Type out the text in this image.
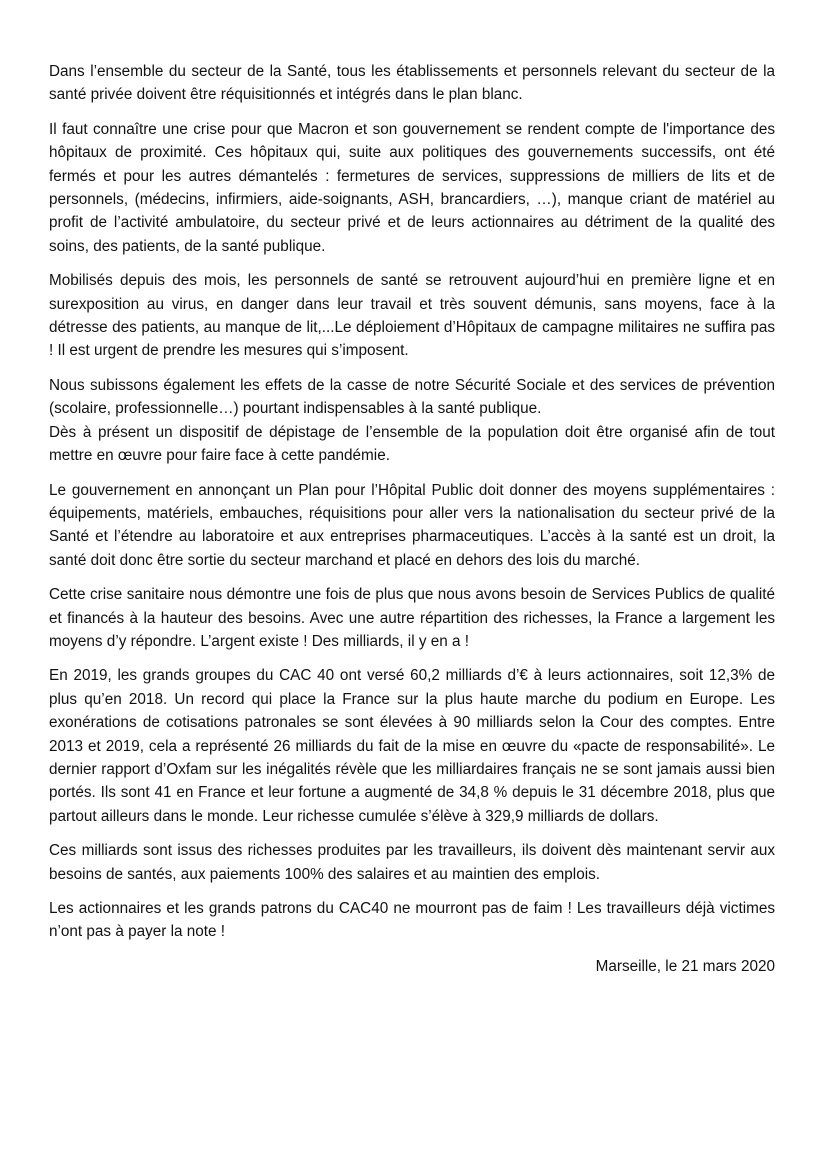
Dans l’ensemble du secteur de la Santé, tous les établissements et personnels relevant du secteur de la santé privée doivent être réquisitionnés et intégrés dans le plan blanc.

Il faut connaître une crise pour que Macron et son gouvernement se rendent compte de l'importance des hôpitaux de proximité. Ces hôpitaux qui, suite aux politiques des gouvernements successifs, ont été fermés et pour les autres démantelés : fermetures de services, suppressions de milliers de lits et de personnels, (médecins, infirmiers, aide-soignants, ASH, brancardiers, …), manque criant de matériel au profit de l’activité ambulatoire, du secteur privé et de leurs actionnaires au détriment de la qualité des soins, des patients, de la santé publique.

Mobilisés depuis des mois, les personnels de santé se retrouvent aujourd’hui en première ligne et en surexposition au virus, en danger dans leur travail et très souvent démunis, sans moyens, face à la détresse des patients, au manque de lit,...Le déploiement d’Hôpitaux de campagne militaires ne suffira pas ! Il est urgent de prendre les mesures qui s’imposent.

Nous subissons également les effets de la casse de notre Sécurité Sociale et des services de prévention (scolaire, professionnelle…) pourtant indispensables à la santé publique.
Dès à présent un dispositif de dépistage de l’ensemble de la population doit être organisé afin de tout mettre en œuvre pour faire face à cette pandémie.

Le gouvernement en annonçant un Plan pour l’Hôpital Public doit donner des moyens supplémentaires : équipements, matériels, embauches, réquisitions pour aller vers la nationalisation du secteur privé de la Santé et l’étendre au laboratoire et aux entreprises pharmaceutiques. L’accès à la santé est un droit, la santé doit donc être sortie du secteur marchand et placé en dehors des lois du marché.

Cette crise sanitaire nous démontre une fois de plus que nous avons besoin de Services Publics de qualité et financés à la hauteur des besoins. Avec une autre répartition des richesses, la France a largement les moyens d’y répondre. L’argent existe ! Des milliards, il y en a !

En 2019, les grands groupes du CAC 40 ont versé 60,2 milliards d’€ à leurs actionnaires, soit 12,3% de plus qu’en 2018. Un record qui place la France sur la plus haute marche du podium en Europe. Les exonérations de cotisations patronales se sont élevées à 90 milliards selon la Cour des comptes. Entre 2013 et 2019, cela a représenté 26 milliards du fait de la mise en œuvre du «pacte de responsabilité». Le dernier rapport d’Oxfam sur les inégalités révèle que les milliardaires français ne se sont jamais aussi bien portés. Ils sont 41 en France et leur fortune a augmenté de 34,8 % depuis le 31 décembre 2018, plus que partout ailleurs dans le monde. Leur richesse cumulée s’élève à 329,9 milliards de dollars.

Ces milliards sont issus des richesses produites par les travailleurs, ils doivent dès maintenant servir aux besoins de santés, aux paiements 100% des salaires et au maintien des emplois.

Les actionnaires et les grands patrons du CAC40 ne mourront pas de faim ! Les travailleurs déjà victimes n’ont pas à payer la note !

Marseille, le 21 mars 2020
